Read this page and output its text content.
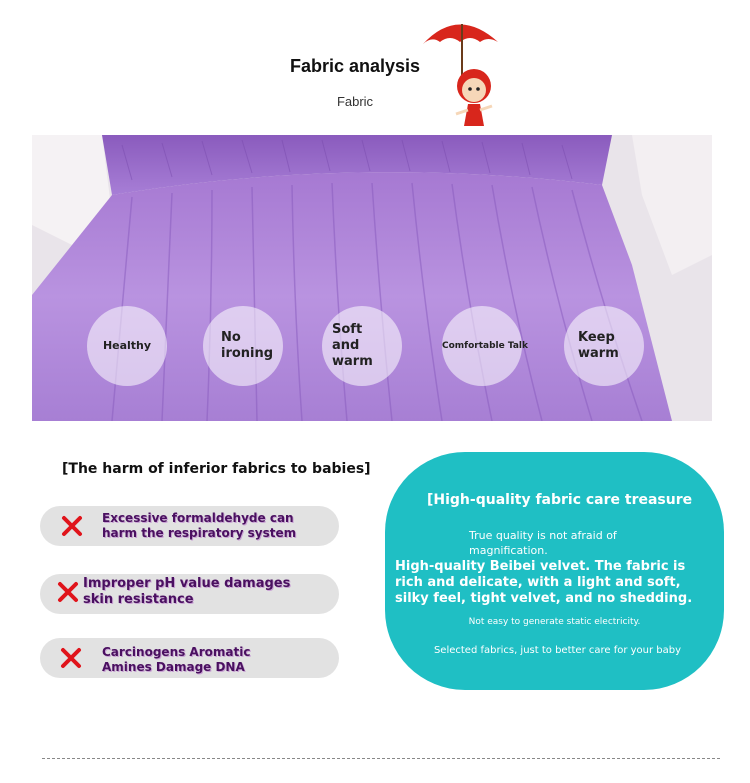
Fabric analysis
Fabric
Healthy
No ironing
Soft and warm
Comfortable Talk
Keep warm
[The harm of inferior fabrics to babies]
Excessive formaldehyde can harm the respiratory system
Improper pH value damages skin resistance
Carcinogens Aromatic Amines Damage DNA
[High-quality fabric care treasure
True quality is not afraid of magnification.
High-quality Beibei velvet. The fabric is rich and delicate, with a light and soft, silky feel, tight velvet, and no shedding.
Not easy to generate static electricity.
Selected fabrics, just to better care for your baby
